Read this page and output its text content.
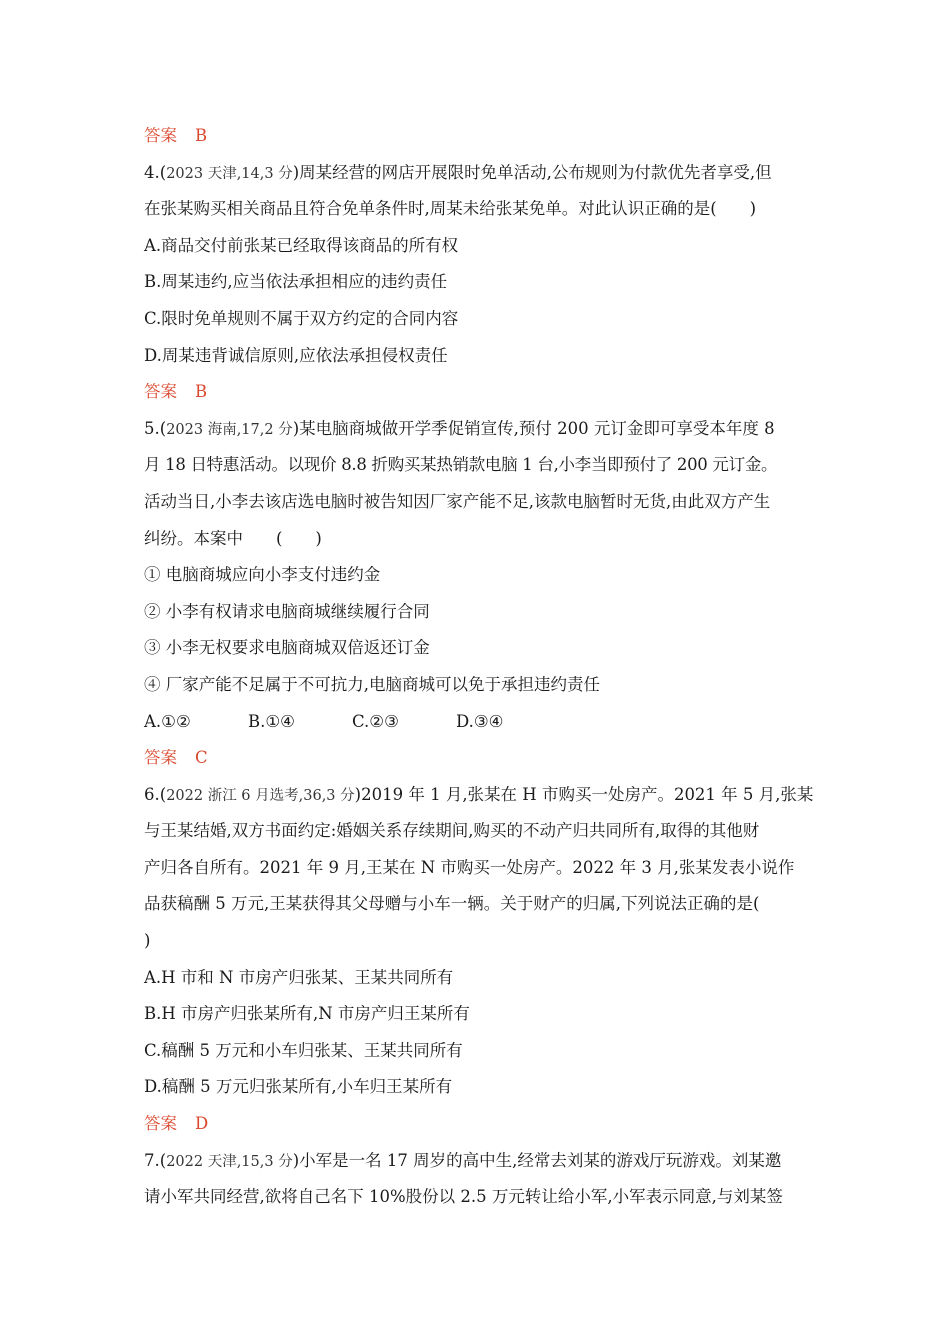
答案 B
4.(2023 天津,14,3 分)周某经营的网店开展限时免单活动,公布规则为付款优先者享受,但
在张某购买相关商品且符合免单条件时,周某未给张某免单。对此认识正确的是(　　)
A.商品交付前张某已经取得该商品的所有权
B.周某违约,应当依法承担相应的违约责任
C.限时免单规则不属于双方约定的合同内容
D.周某违背诚信原则,应依法承担侵权责任
答案 B
5.(2023 海南,17,2 分)某电脑商城做开学季促销宣传,预付 200 元订金即可享受本年度 8
月 18 日特惠活动。以现价 8.8 折购买某热销款电脑 1 台,小李当即预付了 200 元订金。
活动当日,小李去该店选电脑时被告知因厂家产能不足,该款电脑暂时无货,由此双方产生
纠纷。本案中　　(　　)
① 电脑商城应向小李支付违约金
② 小李有权请求电脑商城继续履行合同
③ 小李无权要求电脑商城双倍返还订金
④ 厂家产能不足属于不可抗力,电脑商城可以免于承担违约责任
A.①②	B.①④	C.②③	D.③④
答案 C
6.(2022 浙江 6 月选考,36,3 分)2019 年 1 月,张某在 H 市购买一处房产。2021 年 5 月,张某
与王某结婚,双方书面约定:婚姻关系存续期间,购买的不动产归共同所有,取得的其他财
产归各自所有。2021 年 9 月,王某在 N 市购买一处房产。2022 年 3 月,张某发表小说作
品获稿酬 5 万元,王某获得其父母赠与小车一辆。关于财产的归属,下列说法正确的是(
)
A.H 市和 N 市房产归张某、王某共同所有
B.H 市房产归张某所有,N 市房产归王某所有
C.稿酬 5 万元和小车归张某、王某共同所有
D.稿酬 5 万元归张某所有,小车归王某所有
答案 D
7.(2022 天津,15,3 分)小军是一名 17 周岁的高中生,经常去刘某的游戏厅玩游戏。刘某邀
请小军共同经营,欲将自己名下 10%股份以 2.5 万元转让给小军,小军表示同意,与刘某签
